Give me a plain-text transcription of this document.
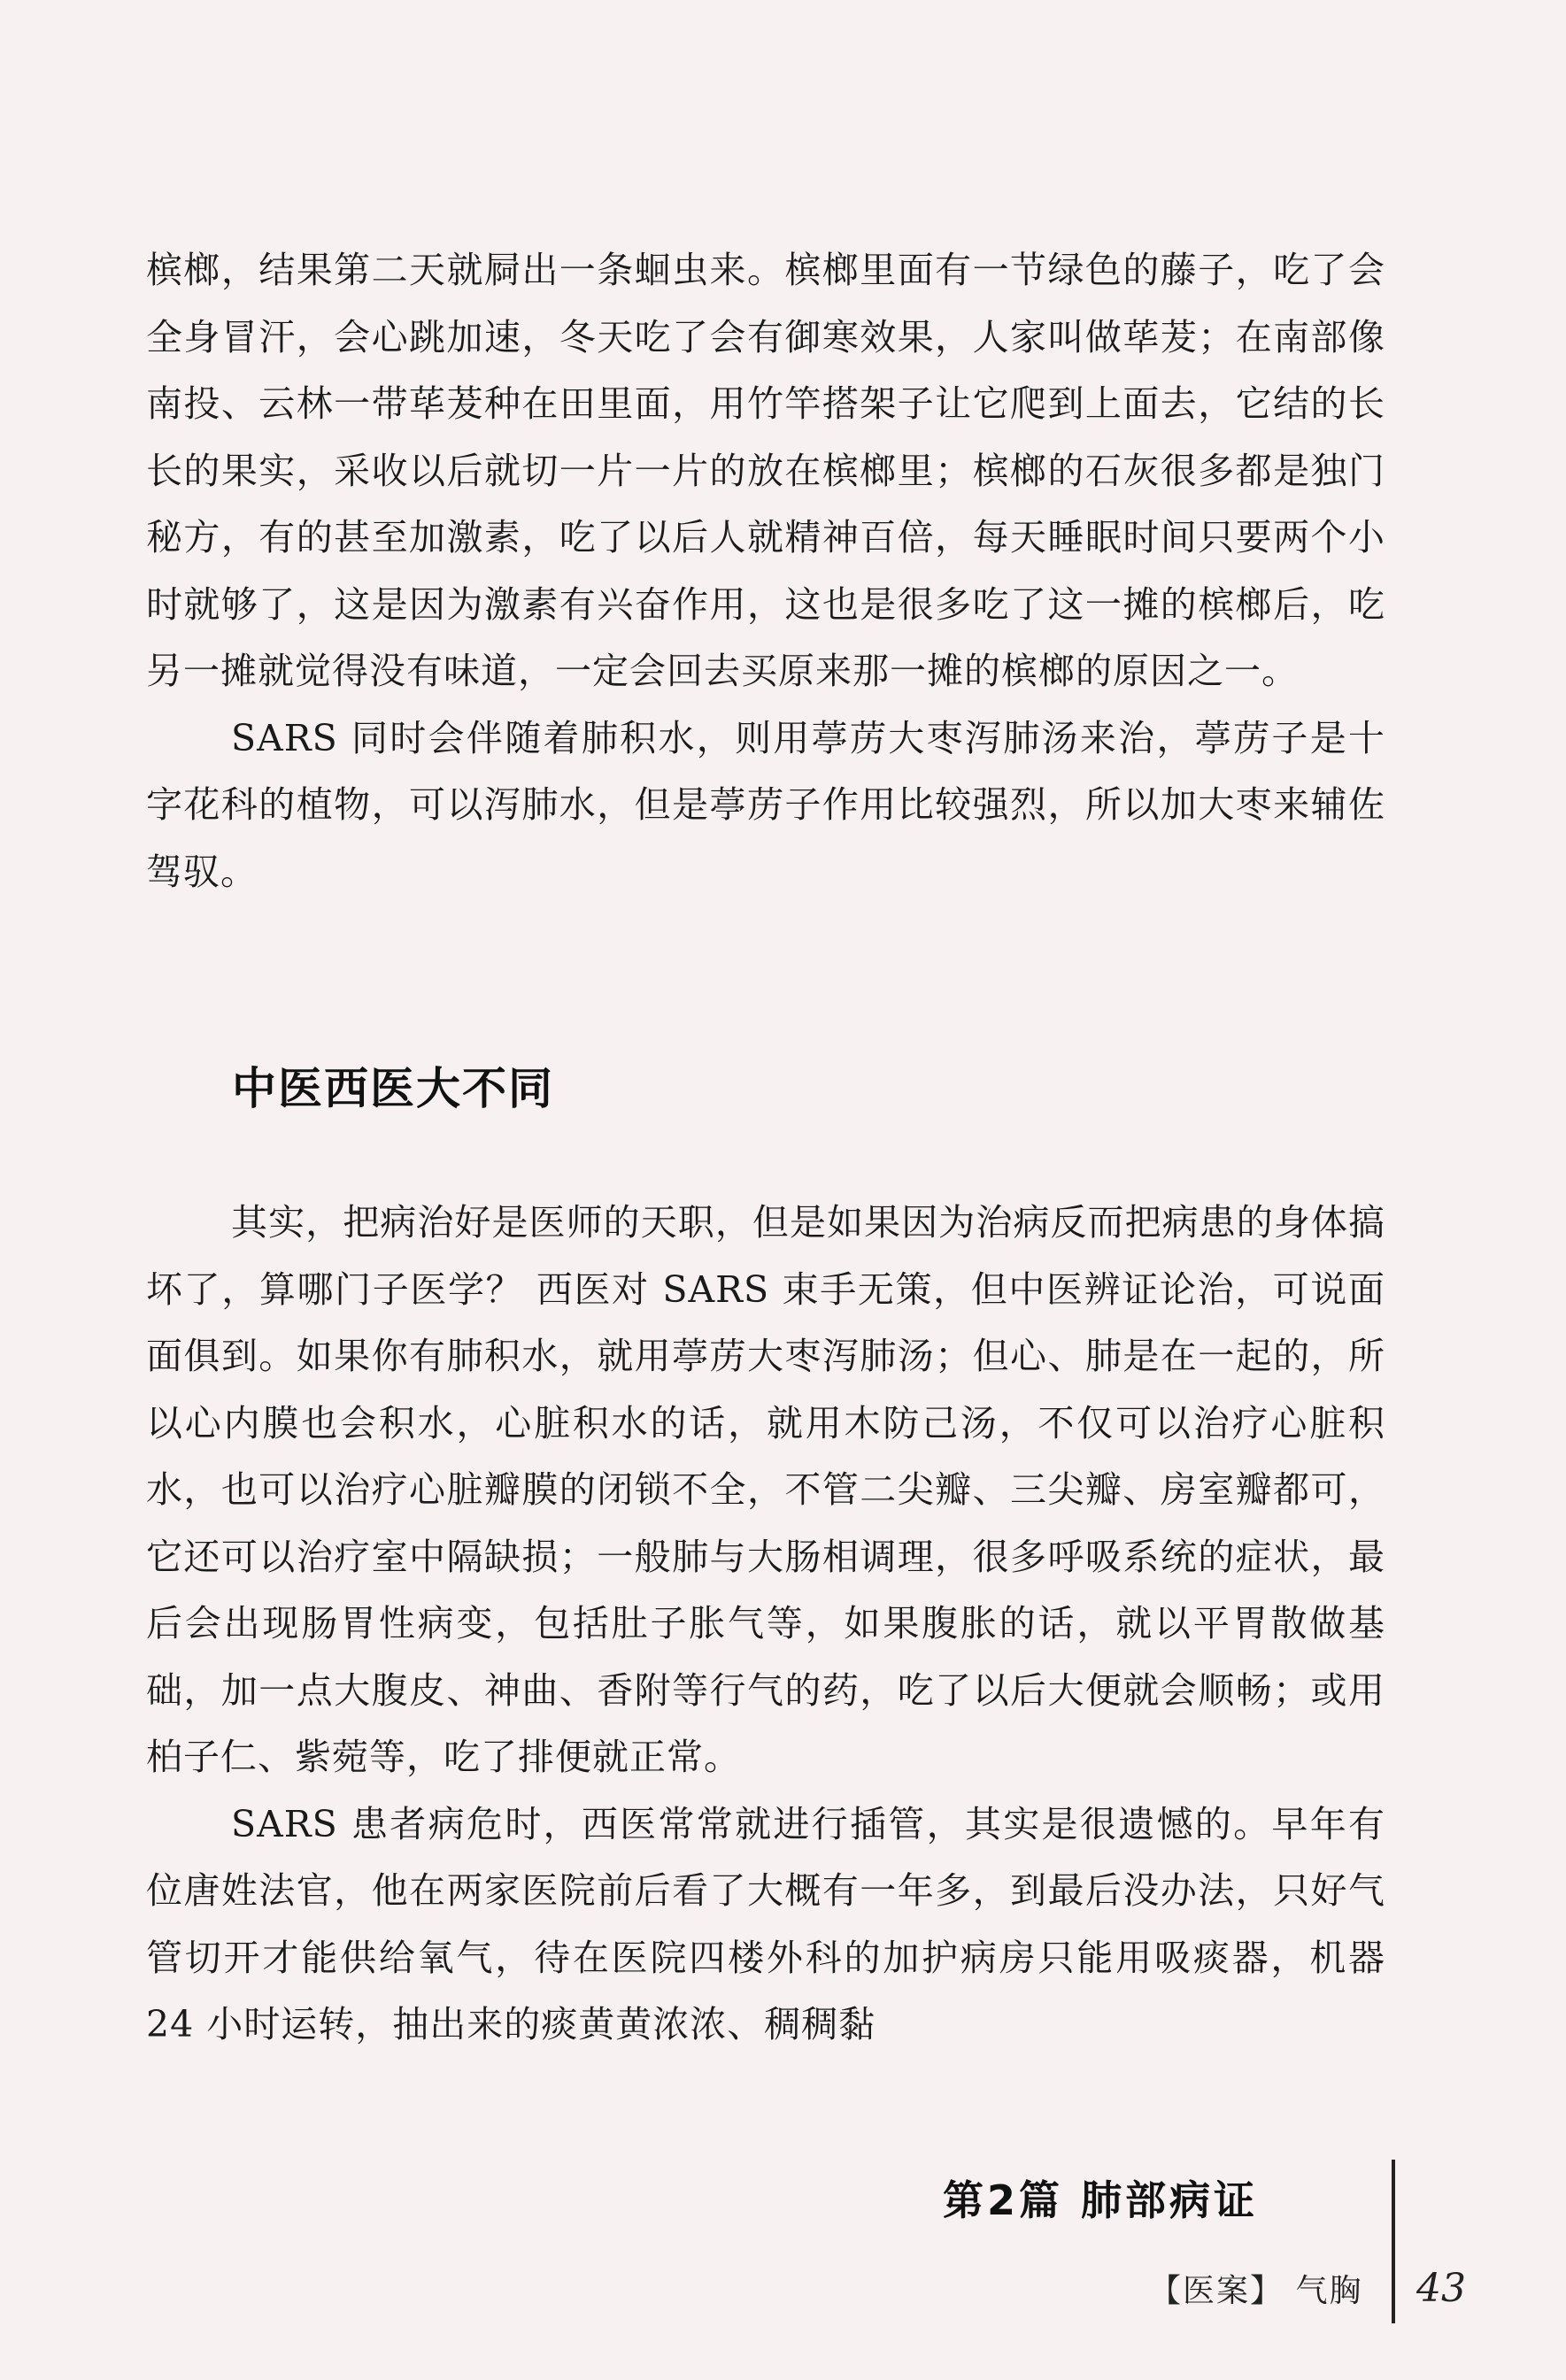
槟榔，结果第二天就屙出一条蛔虫来。槟榔里面有一节绿色的藤子，吃了会全身冒汗，会心跳加速，冬天吃了会有御寒效果，人家叫做荜茇；在南部像南投、云林一带荜茇种在田里面，用竹竿搭架子让它爬到上面去，它结的长长的果实，采收以后就切一片一片的放在槟榔里；槟榔的石灰很多都是独门秘方，有的甚至加激素，吃了以后人就精神百倍，每天睡眠时间只要两个小时就够了，这是因为激素有兴奋作用，这也是很多吃了这一摊的槟榔后，吃另一摊就觉得没有味道，一定会回去买原来那一摊的槟榔的原因之一。

SARS 同时会伴随着肺积水，则用葶苈大枣泻肺汤来治，葶苈子是十字花科的植物，可以泻肺水，但是葶苈子作用比较强烈，所以加大枣来辅佐驾驭。

中医西医大不同

其实，把病治好是医师的天职，但是如果因为治病反而把病患的身体搞坏了，算哪门子医学？ 西医对 SARS 束手无策，但中医辨证论治，可说面面俱到。如果你有肺积水，就用葶苈大枣泻肺汤；但心、肺是在一起的，所以心内膜也会积水，心脏积水的话，就用木防己汤，不仅可以治疗心脏积水，也可以治疗心脏瓣膜的闭锁不全，不管二尖瓣、三尖瓣、房室瓣都可，它还可以治疗室中隔缺损；一般肺与大肠相调理，很多呼吸系统的症状，最后会出现肠胃性病变，包括肚子胀气等，如果腹胀的话，就以平胃散做基础，加一点大腹皮、神曲、香附等行气的药，吃了以后大便就会顺畅；或用柏子仁、紫菀等，吃了排便就正常。

SARS 患者病危时，西医常常就进行插管，其实是很遗憾的。早年有位唐姓法官，他在两家医院前后看了大概有一年多，到最后没办法，只好气管切开才能供给氧气，待在医院四楼外科的加护病房只能用吸痰器，机器 24 小时运转，抽出来的痰黄黄浓浓、稠稠黏

第2篇 肺部病证
【医案】 气胸 43
